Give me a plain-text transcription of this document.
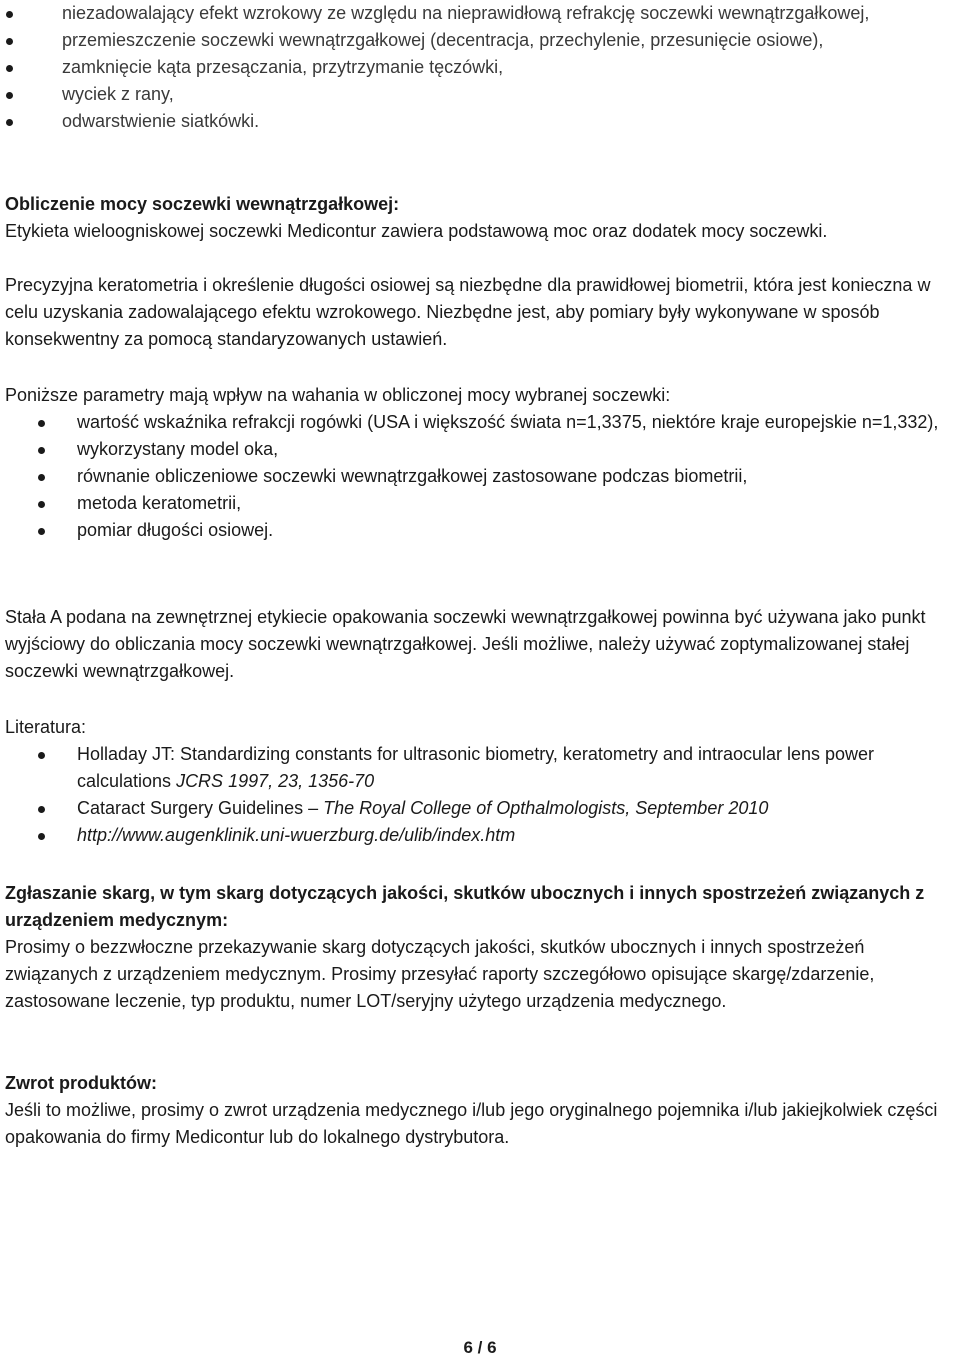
niezadowalający efekt wzrokowy ze względu na nieprawidłową refrakcję soczewki wewnątrzgałkowej,
przemieszczenie soczewki wewnątrzgałkowej (decentracja, przechylenie, przesunięcie osiowe),
zamknięcie kąta przesączania, przytrzymanie tęczówki,
wyciek z rany,
odwarstwienie siatkówki.
Obliczenie mocy soczewki wewnątrzgałkowej:
Etykieta wieloogniskowej soczewki Medicontur zawiera podstawową moc oraz dodatek mocy soczewki.
Precyzyjna keratometria i określenie długości osiowej są niezbędne dla prawidłowej biometrii, która jest konieczna w celu uzyskania zadowalającego efektu wzrokowego. Niezbędne jest, aby pomiary były wykonywane w sposób konsekwentny za pomocą standaryzowanych ustawień.
Poniższe parametry mają wpływ na wahania w obliczonej mocy wybranej soczewki:
wartość wskaźnika refrakcji rogówki (USA i większość świata n=1,3375, niektóre kraje europejskie n=1,332),
wykorzystany model oka,
równanie obliczeniowe soczewki wewnątrzgałkowej zastosowane podczas biometrii,
metoda keratometrii,
pomiar długości osiowej.
Stała A podana na zewnętrznej etykiecie opakowania soczewki wewnątrzgałkowej powinna być używana jako punkt wyjściowy do obliczania mocy soczewki wewnątrzgałkowej. Jeśli możliwe, należy używać zoptymalizowanej stałej soczewki wewnątrzgałkowej.
Literatura:
Holladay JT: Standardizing constants for ultrasonic biometry, keratometry and intraocular lens power calculations JCRS 1997, 23, 1356-70
Cataract Surgery Guidelines – The Royal College of Opthalmologists, September 2010
http://www.augenklinik.uni-wuerzburg.de/ulib/index.htm
Zgłaszanie skarg, w tym skarg dotyczących jakości, skutków ubocznych i innych spostrzeżeń związanych z urządzeniem medycznym:
Prosimy o bezzwłoczne przekazywanie skarg dotyczących jakości, skutków ubocznych i innych spostrzeżeń związanych z urządzeniem medycznym. Prosimy przesyłać raporty szczegółowo opisujące skargę/zdarzenie, zastosowane leczenie, typ produktu, numer LOT/seryjny użytego urządzenia medycznego.
Zwrot produktów:
Jeśli to możliwe, prosimy o zwrot urządzenia medycznego i/lub jego oryginalnego pojemnika i/lub jakiejkolwiek części opakowania do firmy Medicontur lub do lokalnego dystrybutora.
6 / 6
